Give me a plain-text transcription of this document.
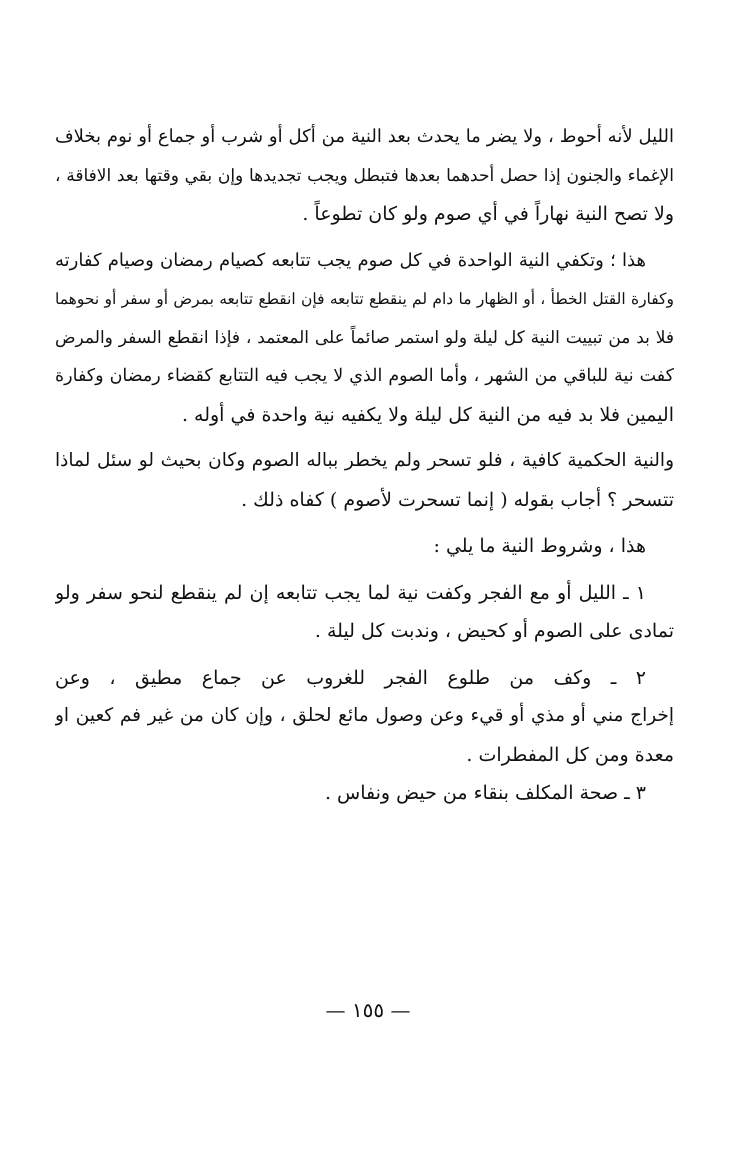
الليل لأنه أحوط ، ولا يضر ما يحدث بعد النية من أكل أو شرب أو جماع أو نوم بخلاف
الإغماء والجنون إذا حصل أحدهما بعدها فتبطل ويجب تجديدها وإن بقي وقتها بعد الافاقة ،
ولا تصح النية نهاراً في أي صوم ولو كان تطوعاً .
هذا ؛ وتكفي النية الواحدة في كل صوم يجب تتابعه كصيام رمضان وصيام كفارته
وكفارة القتل الخطأ ، أو الظهار ما دام لم ينقطع تتابعه فإن انقطع تتابعه بمرض أو سفر أو نحوهما
فلا بد من تبييت النية كل ليلة ولو استمر صائماً على المعتمد ، فإذا انقطع السفر والمرض
كفت نية للباقي من الشهر ، وأما الصوم الذي لا يجب فيه التتابع كقضاء رمضان وكفارة
اليمين فلا بد فيه من النية كل ليلة ولا يكفيه نية واحدة في أوله .
والنية الحكمية كافية ، فلو تسحر ولم يخطر بباله الصوم وكان بحيث لو سئل لماذا
تتسحر ؟ أجاب بقوله ( إنما تسحرت لأصوم ) كفاه ذلك .
هذا ، وشروط النية ما يلي :
١ ـ الليل أو مع الفجر وكفت نية لما يجب تتابعه إن لم ينقطع لنحو سفر ولو
تمادى على الصوم أو كحيض ، وندبت كل ليلة .
٢ ـ وكف من طلوع الفجر للغروب عن جماع مطيق ، وعن
إخراج مني أو مذي أو قيء وعن وصول مائع لحلق ، وإن كان من غير فم كعين او
معدة ومن كل المفطرات .
٣ ـ صحة المكلف بنقاء من حيض ونفاس .
— ١٥٥ —
